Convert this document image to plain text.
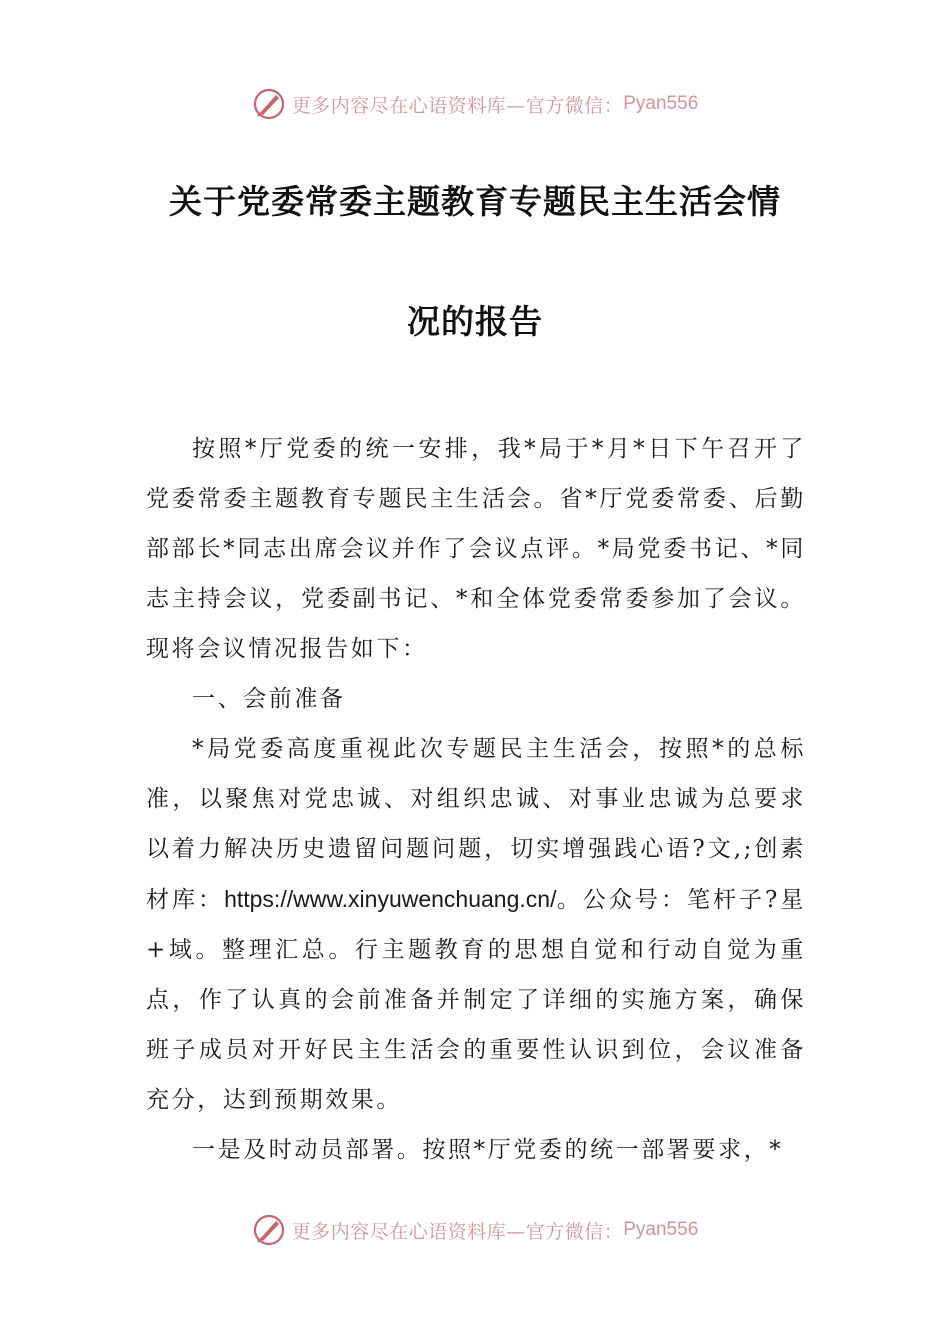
更多内容尽在心语资料库—官方微信： Pyan556
关于党委常委主题教育专题民主生活会情
况的报告

按照*厅党委的统一安排，我*局于*月*日下午召开了党委常委主题教育专题民主生活会。省*厅党委常委、后勤部部长*同志出席会议并作了会议点评。*局党委书记、*同志主持会议，党委副书记、*和全体党委常委参加了会议。现将会议情况报告如下：

一、会前准备

*局党委高度重视此次专题民主生活会，按照*的总标准，以聚焦对党忠诚、对组织忠诚、对事业忠诚为总要求以着力解决历史遗留问题问题，切实增强践心语?文,;创素材库：https://www.xinyuwenchuang.cn/。公众号：笔杆子?星+域。整理汇总。行主题教育的思想自觉和行动自觉为重点，作了认真的会前准备并制定了详细的实施方案，确保班子成员对开好民主生活会的重要性认识到位，会议准备充分，达到预期效果。

一是及时动员部署。按照*厅党委的统一部署要求，*

更多内容尽在心语资料库—官方微信： Pyan556
